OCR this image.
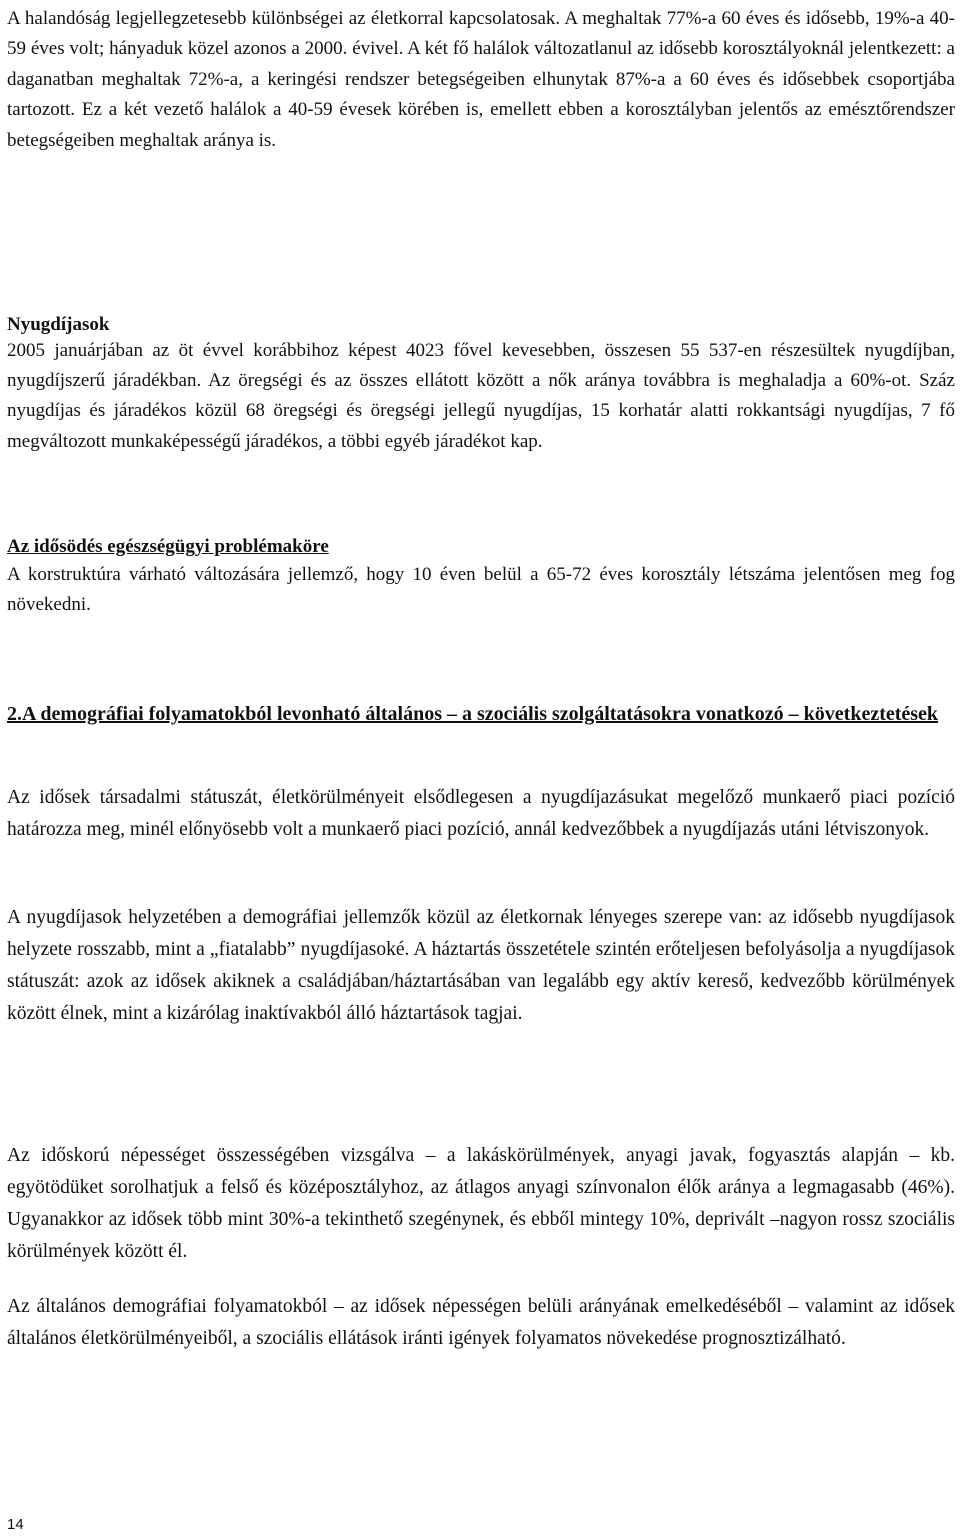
A halandóság legjellegzetesebb különbségei az életkorral kapcsolatosak. A meghaltak 77%-a 60 éves és idősebb, 19%-a 40-59 éves volt; hányaduk közel azonos a 2000. évivel. A két fő halálok változatlanul az idősebb korosztályoknál jelentkezett: a daganatban meghaltak 72%-a, a keringési rendszer betegségeiben elhunytak 87%-a a 60 éves és idősebbek csoportjába tartozott. Ez a két vezető halálok a 40-59 évesek körében is, emellett ebben a korosztályban jelentős az emésztőrendszer betegségeiben meghaltak aránya is.

Nyugdíjasok

2005 januárjában az öt évvel korábbihoz képest 4023 fővel kevesebben, összesen 55 537-en részesültek nyugdíjban, nyugdíjszerű járadékban. Az öregségi és az összes ellátott között a nők aránya továbbra is meghaladja a 60%-ot. Száz nyugdíjas és járadékos közül 68 öregségi és öregségi jellegű nyugdíjas, 15 korhatár alatti rokkantsági nyugdíjas, 7 fő megváltozott munkaképességű járadékos, a többi egyéb járadékot kap.

Az idősödés egészségügyi problémaköre

A korstruktúra várható változására jellemző, hogy 10 éven belül a 65-72 éves korosztály létszáma jelentősen meg fog növekedni.

2.A demográfiai folyamatokból levonható általános – a szociális szolgáltatásokra vonatkozó – következtetések

Az idősek társadalmi státuszát, életkörülményeit elsődlegesen a nyugdíjazásukat megelőző munkaerő piaci pozíció határozza meg, minél előnyösebb volt a munkaerő piaci pozíció, annál kedvezőbbek a nyugdíjazás utáni létviszonyok.

A nyugdíjasok helyzetében a demográfiai jellemzők közül az életkornak lényeges szerepe van: az idősebb nyugdíjasok helyzete rosszabb, mint a „fiatalabb” nyugdíjasoké. A háztartás összetétele szintén erőteljesen befolyásolja a nyugdíjasok státuszát: azok az idősek akiknek a családjában/háztartásában van legalább egy aktív kereső, kedvezőbb körülmények között élnek, mint a kizárólag inaktívakból álló háztartások tagjai.

Az időskorú népességet összességében vizsgálva – a lakáskörülmények, anyagi javak, fogyasztás alapján – kb. egyötödüket sorolhatjuk a felső és középosztályhoz, az átlagos anyagi színvonalon élők aránya a legmagasabb (46%). Ugyanakkor az idősek több mint 30%-a tekinthető szegénynek, és ebből mintegy 10%, deprivált –nagyon rossz szociális körülmények között él.

Az általános demográfiai folyamatokból – az idősek népességen belüli arányának emelkedéséből – valamint az idősek általános életkörülményeiből, a szociális ellátások iránti igények folyamatos növekedése prognosztizálható.

14
